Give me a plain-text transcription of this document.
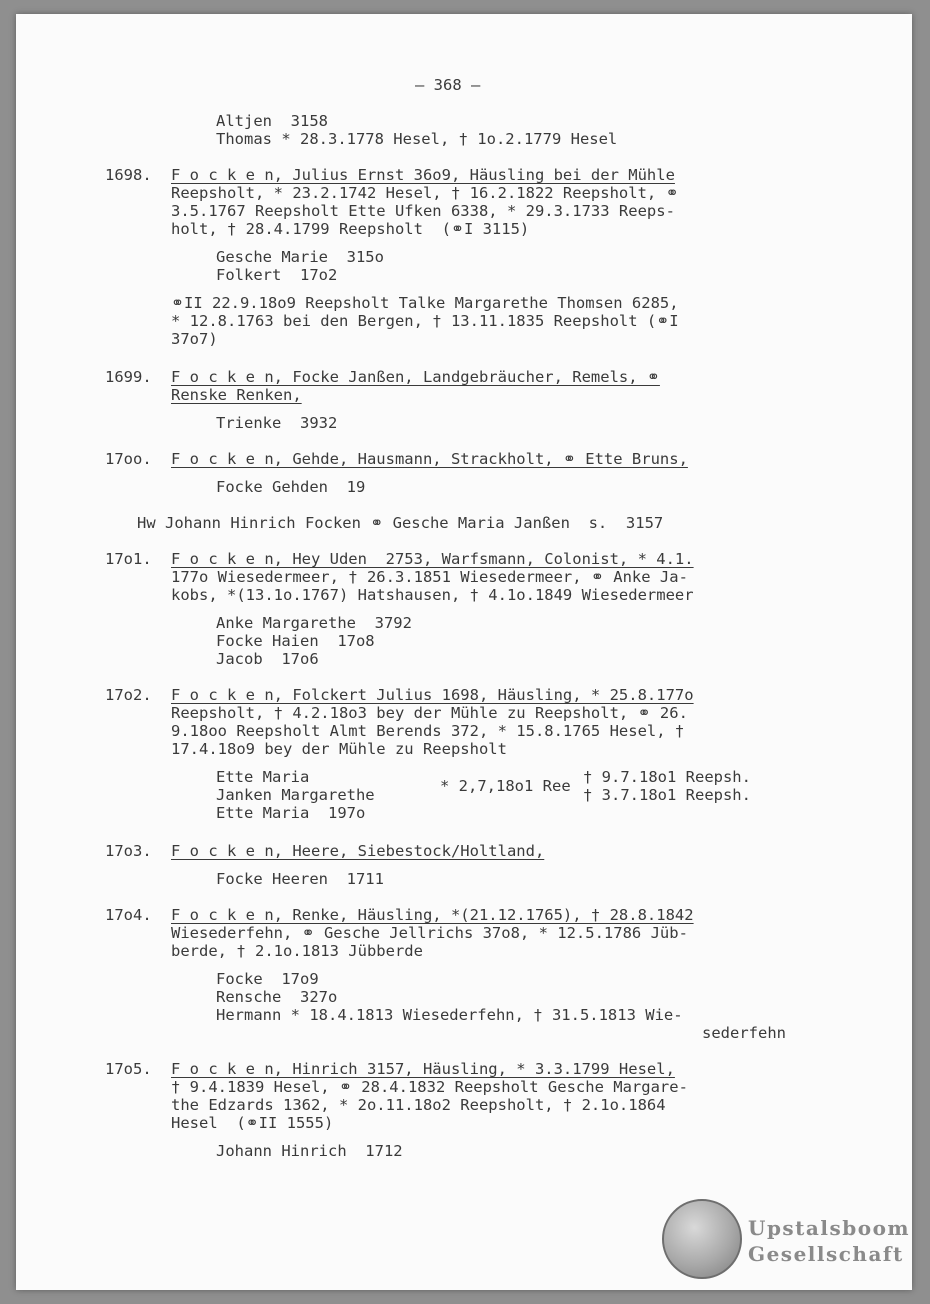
— 368 —
Altjen  3158
Thomas * 28.3.1778 Hesel, † 1o.2.1779 Hesel
1698. F o c k e n, Julius Ernst 36o9, Häusling bei der Mühle
Reepsholt, * 23.2.1742 Hesel, † 16.2.1822 Reepsholt, ⚭
3.5.1767 Reepsholt Ette Ufken 6338, * 29.3.1733 Reeps-
holt, † 28.4.1799 Reepsholt  (⚭I 3115)
Gesche Marie  315o
Folkert  17o2
⚭II 22.9.18o9 Reepsholt Talke Margarethe Thomsen 6285,
* 12.8.1763 bei den Bergen, † 13.11.1835 Reepsholt (⚭I
37o7)
1699. F o c k e n, Focke Janßen, Landgebräucher, Remels, ⚭
Renske Renken,
Trienke  3932
17oo. F o c k e n, Gehde, Hausmann, Strackholt, ⚭ Ette Bruns,
Focke Gehden  19
Hw Johann Hinrich Focken ⚭ Gesche Maria Janßen  s.  3157
17o1. F o c k e n, Hey Uden  2753, Warfsmann, Colonist, * 4.1.
177o Wiesedermeer, † 26.3.1851 Wiesedermeer, ⚭ Anke Ja-
kobs, *(13.1o.1767) Hatshausen, † 4.1o.1849 Wiesedermeer
Anke Margarethe  3792
Focke Haien  17o8
Jacob  17o6
17o2. F o c k e n, Folckert Julius 1698, Häusling, * 25.8.177o
Reepsholt, † 4.2.18o3 bey der Mühle zu Reepsholt, ⚭ 26.
9.18oo Reepsholt Almt Berends 372, * 15.8.1765 Hesel, †
17.4.18o9 bey der Mühle zu Reepsholt
Ette Maria
Janken Margarethe	* 2,7,18o1 Ree † 9.7.18o1 Reepsh.
† 3.7.18o1 Reepsh.
Ette Maria  197o
17o3. F o c k e n, Heere, Siebestock/Holtland,
Focke Heeren  1711
17o4. F o c k e n, Renke, Häusling, *(21.12.1765), † 28.8.1842
Wiesederfehn, ⚭ Gesche Jellrichs 37o8, * 12.5.1786 Jüb-
berde, † 2.1o.1813 Jübberde
Focke  17o9
Rensche  327o
Hermann * 18.4.1813 Wiesederfehn, † 31.5.1813 Wie-
sederfehn
17o5. F o c k e n, Hinrich 3157, Häusling, * 3.3.1799 Hesel,
† 9.4.1839 Hesel, ⚭ 28.4.1832 Reepsholt Gesche Margare-
the Edzards 1362, * 2o.11.18o2 Reepsholt, † 2.1o.1864
Hesel  (⚭II 1555)
Johann Hinrich  1712
Upstalsboom
Gesellschaft
